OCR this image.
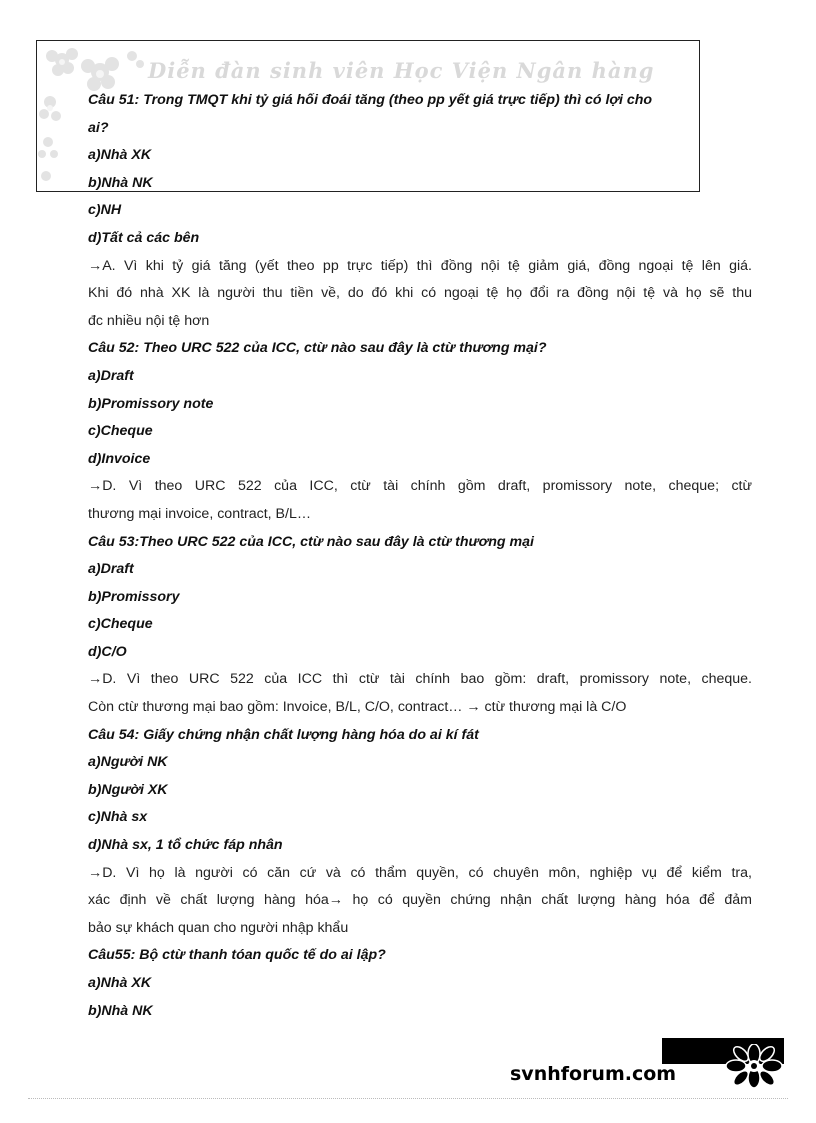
Diễn đàn sinh viên Học Viện Ngân hàng
Câu 51: Trong TMQT khi tỷ giá hối đoái tăng (theo pp yết giá trực tiếp) thì có lợi cho
ai?
a)Nhà XK
b)Nhà NK
c)NH
d)Tất cả các bên
→A. Vì khi tỷ giá tăng (yết theo pp trực tiếp) thì đồng nội tệ giảm giá, đồng ngoại tệ lên giá.
Khi đó nhà XK là người thu tiền về, do đó khi có ngoại tệ họ đổi ra đồng nội tệ và họ sẽ thu
đc nhiều nội tệ hơn
Câu 52: Theo URC 522 của ICC, ctừ nào sau đây là ctừ thương mại?
a)Draft
b)Promissory note
c)Cheque
d)Invoice
→D. Vì theo URC 522 của ICC, ctừ tài chính gồm draft, promissory note, cheque; ctừ
thương mại invoice, contract, B/L…
Câu 53:Theo URC 522 của ICC, ctừ nào sau đây là ctừ thương mại
a)Draft
b)Promissory
c)Cheque
d)C/O
→D. Vì theo URC 522 của ICC thì ctừ tài chính bao gồm: draft, promissory note, cheque.
Còn ctừ thương mại bao gồm: Invoice, B/L, C/O, contract… → ctừ thương mại là C/O
Câu 54: Giấy chứng nhận chất lượng hàng hóa do ai kí fát
a)Người NK
b)Người XK
c)Nhà sx
d)Nhà sx, 1 tổ chức fáp nhân
→D. Vì họ là người có căn cứ và có thẩm quyền, có chuyên môn, nghiệp vụ để kiểm tra,
xác định về chất lượng hàng hóa→ họ có quyền chứng nhận chất lượng hàng hóa để đảm
bảo sự khách quan cho người nhập khẩu
Câu55: Bộ ctừ thanh tóan quốc tế do ai lập?
a)Nhà XK
b)Nhà NK
svnhforum.com
